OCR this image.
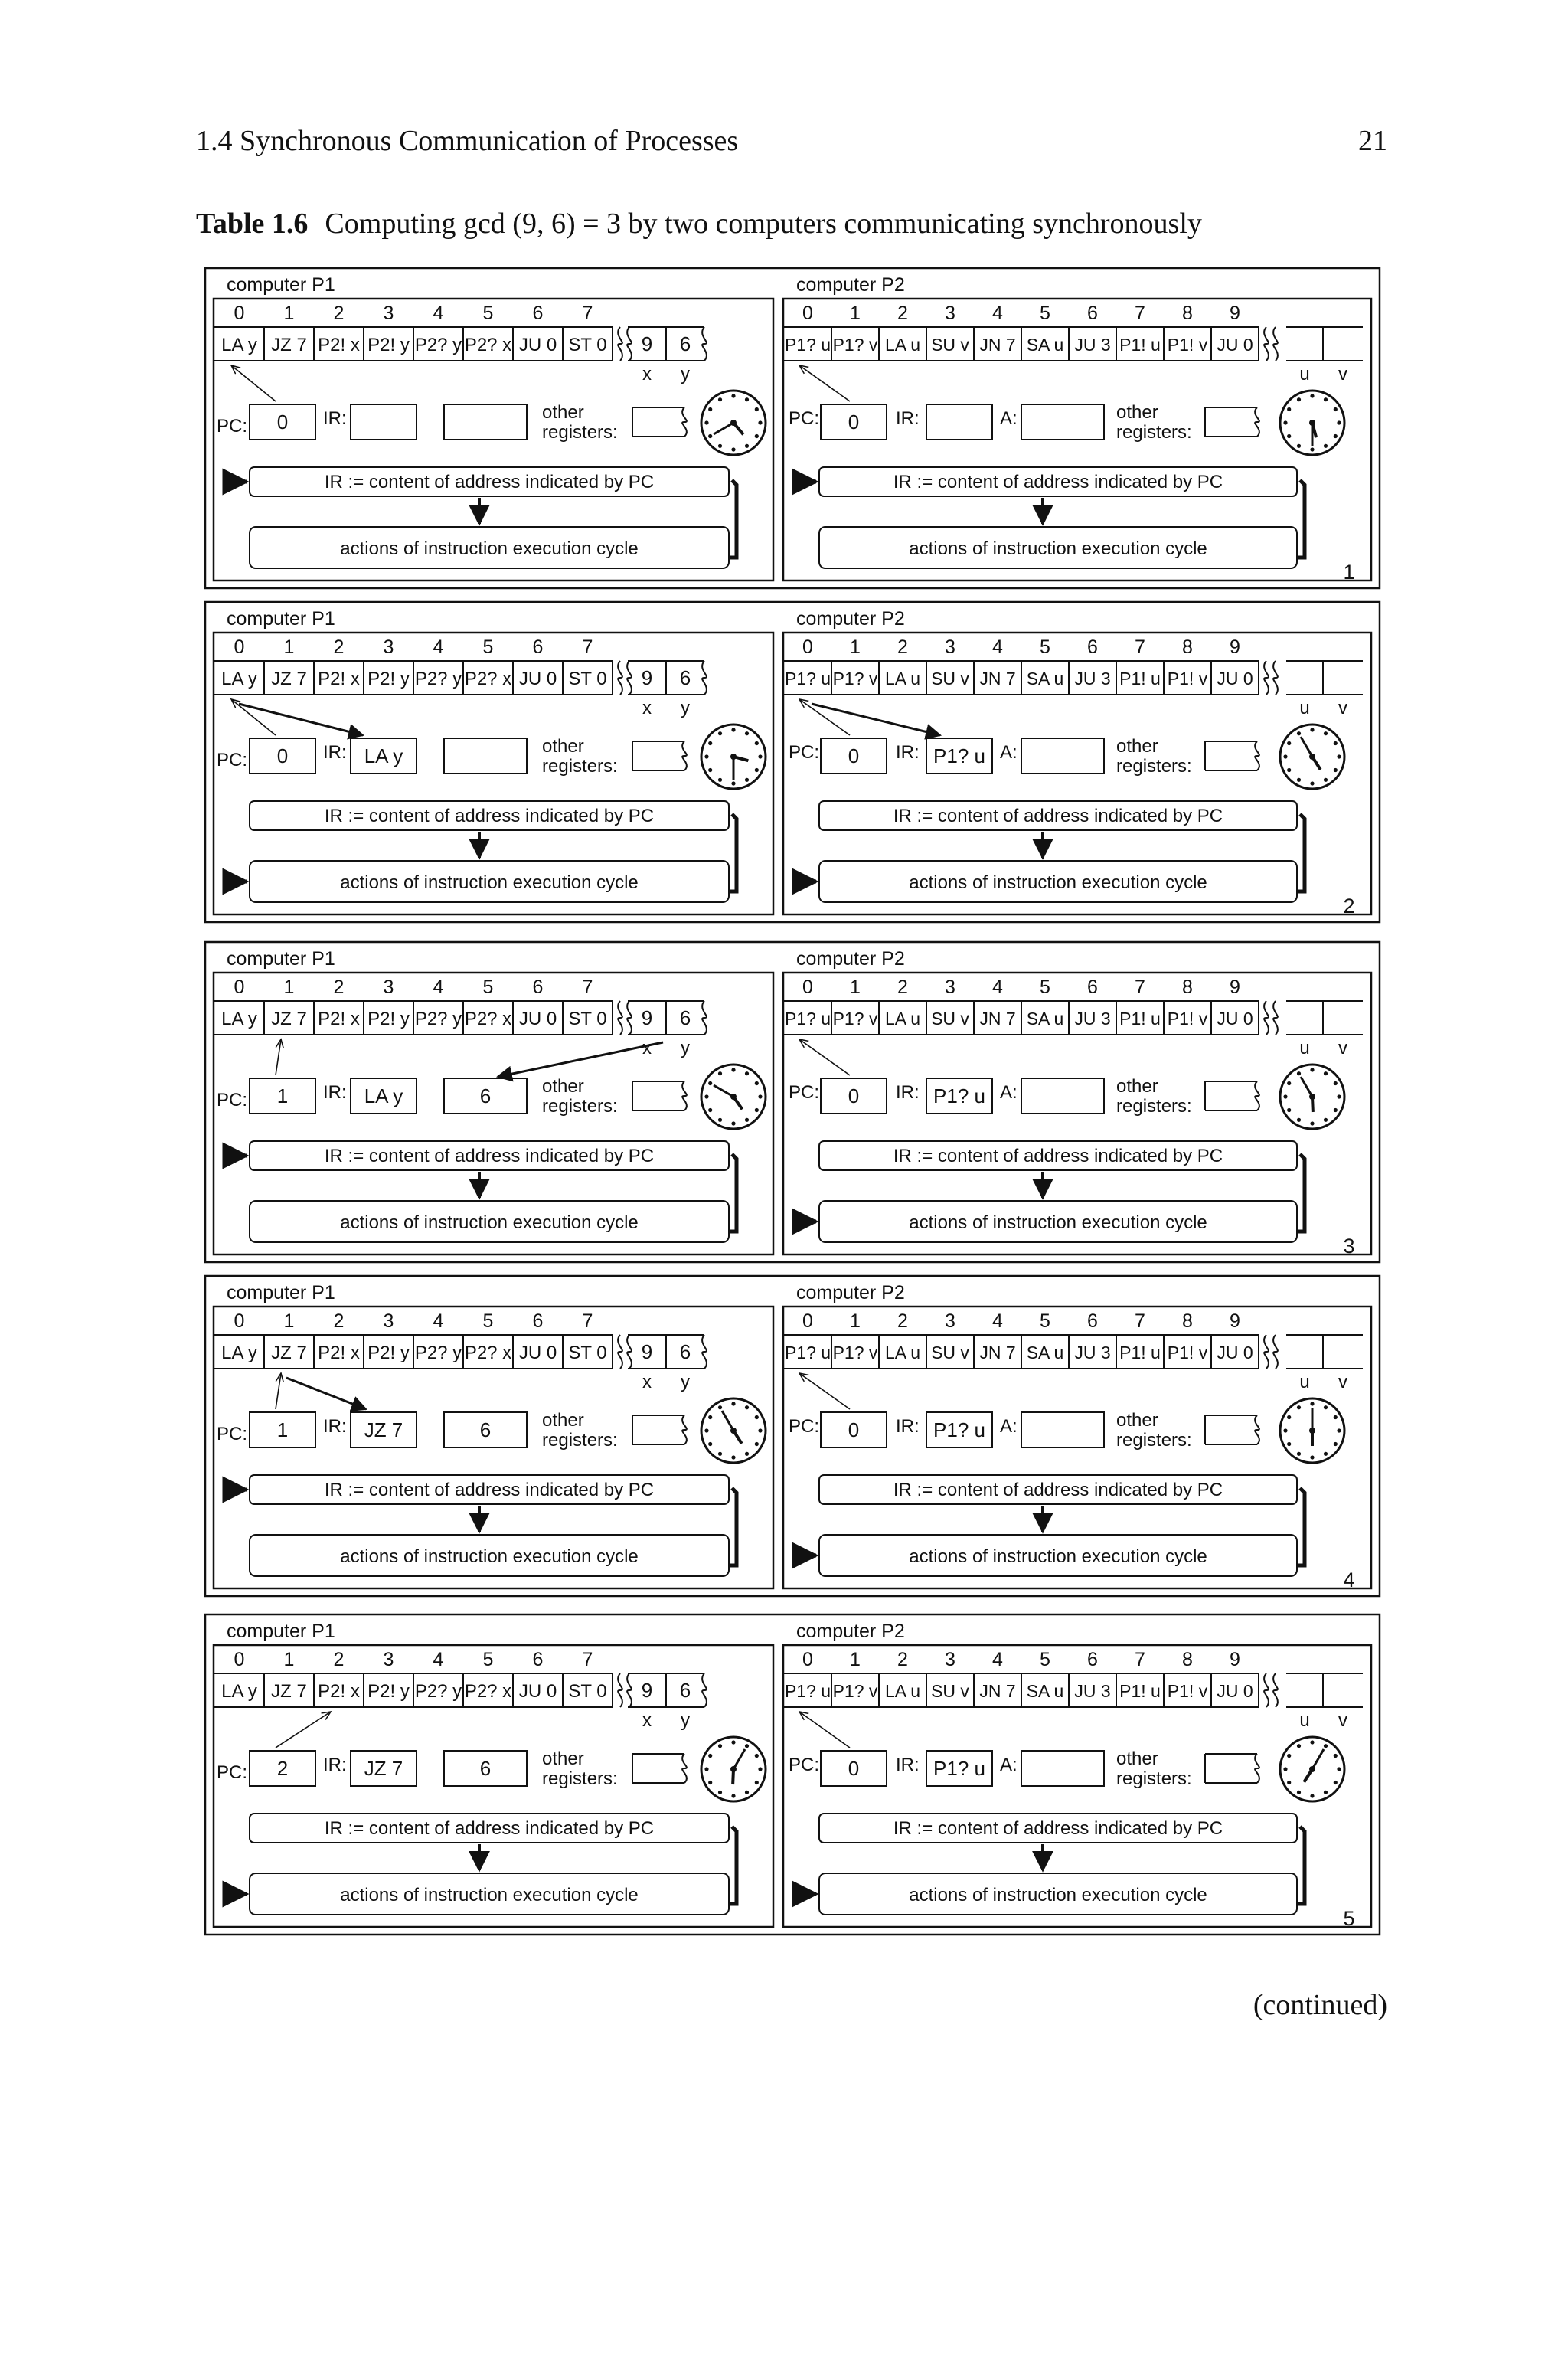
1.4 Synchronous Communication of Processes	21
Table 1.6 Computing gcd (9, 6) = 3 by two computers communicating synchronously
computer P1
0 1 2 3 4 5 6 7
LA y JZ 7 P2! x P2! y P2? y P2? x JU 0 ST 0 9 6
x y
PC: 0 IR:	other
registers:
IR := content of address indicated by PC
actions of instruction execution cycle
computer P2
0 1 2 3 4 5 6 7 8 9
P1? u P1? v LA u SU v JN 7 SA u JU 3 P1! u P1! v JU 0
u v
PC: 0 IR:	A:	other
registers:
IR := content of address indicated by PC
actions of instruction execution cycle
1
computer P1
0 1 2 3 4 5 6 7
LA y JZ 7 P2! x P2! y P2? y P2? x JU 0 ST 0 9 6
x y
PC: 0 IR: LA y	other
registers:
IR := content of address indicated by PC
actions of instruction execution cycle
computer P2
0 1 2 3 4 5 6 7 8 9
P1? u P1? v LA u SU v JN 7 SA u JU 3 P1! u P1! v JU 0
u v
PC: 0 IR: P1? u A:	other
registers:
IR := content of address indicated by PC
actions of instruction execution cycle
2
computer P1
0 1 2 3 4 5 6 7
LA y JZ 7 P2! x P2! y P2? y P2? x JU 0 ST 0 9 6
x y
PC: 1 IR: LA y	6	other
registers:
IR := content of address indicated by PC
actions of instruction execution cycle
computer P2
0 1 2 3 4 5 6 7 8 9
P1? u P1? v LA u SU v JN 7 SA u JU 3 P1! u P1! v JU 0
u v
PC: 0 IR: P1? u A:	other
registers:
IR := content of address indicated by PC
actions of instruction execution cycle
3
computer P1
0 1 2 3 4 5 6 7
LA y JZ 7 P2! x P2! y P2? y P2? x JU 0 ST 0 9 6
x y
PC: 1 IR: JZ 7	6	other
registers:
IR := content of address indicated by PC
actions of instruction execution cycle
computer P2
0 1 2 3 4 5 6 7 8 9
P1? u P1? v LA u SU v JN 7 SA u JU 3 P1! u P1! v JU 0
u v
PC: 0 IR: P1? u A:	other
registers:
IR := content of address indicated by PC
actions of instruction execution cycle
4
computer P1
0 1 2 3 4 5 6 7
LA y JZ 7 P2! x P2! y P2? y P2? x JU 0 ST 0 9 6
x y
PC: 2 IR: JZ 7	6	other
registers:
IR := content of address indicated by PC
actions of instruction execution cycle
computer P2
0 1 2 3 4 5 6 7 8 9
P1? u P1? v LA u SU v JN 7 SA u JU 3 P1! u P1! v JU 0
u v
PC: 0 IR: P1? u A:	other
registers:
IR := content of address indicated by PC
actions of instruction execution cycle
5
(continued)
